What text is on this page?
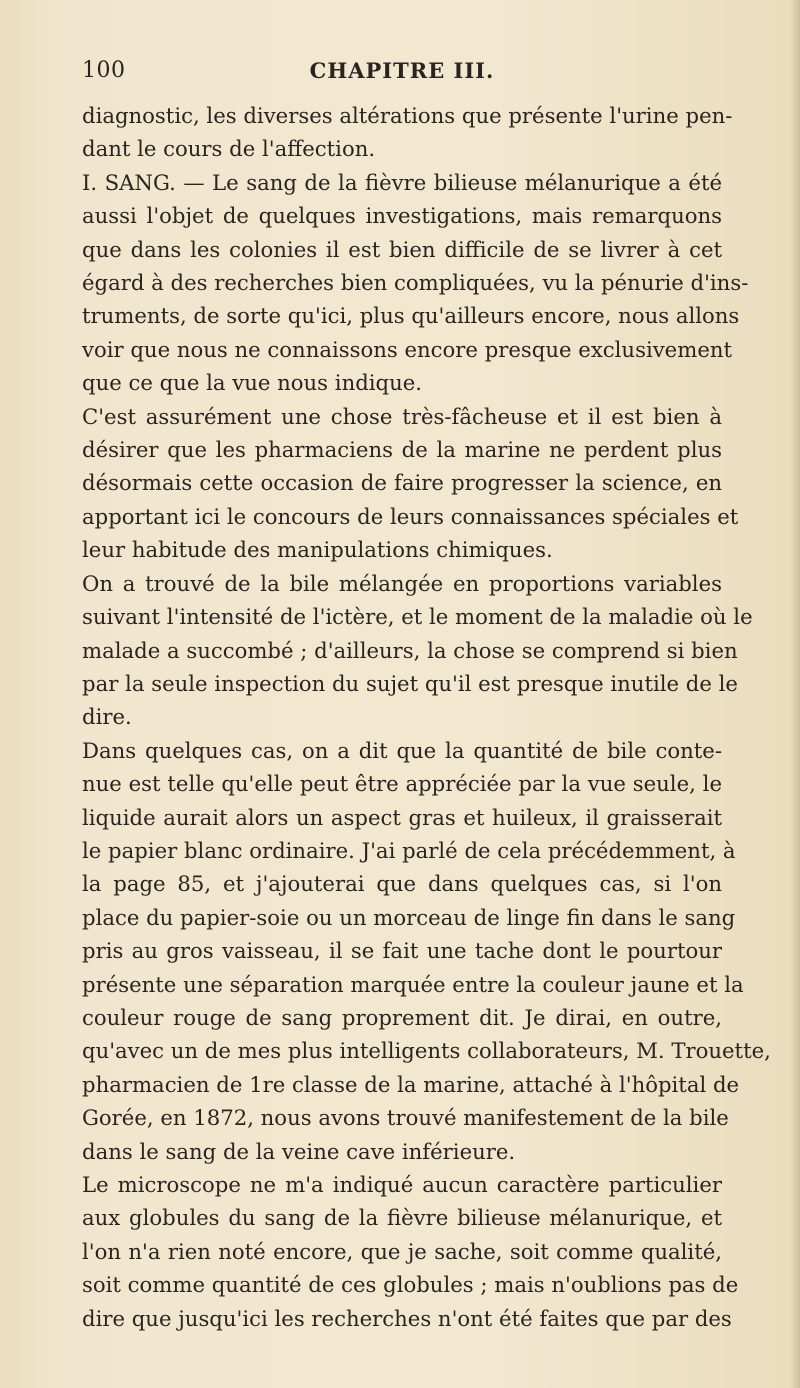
100	CHAPITRE III.
diagnostic, les diverses altérations que présente l'urine pen-
dant le cours de l'affection.
I. SANG. — Le sang de la fièvre bilieuse mélanurique a été
aussi l'objet de quelques investigations, mais remarquons
que dans les colonies il est bien difficile de se livrer à cet
égard à des recherches bien compliquées, vu la pénurie d'ins-
truments, de sorte qu'ici, plus qu'ailleurs encore, nous allons
voir que nous ne connaissons encore presque exclusivement
que ce que la vue nous indique.
C'est assurément une chose très-fâcheuse et il est bien à
désirer que les pharmaciens de la marine ne perdent plus
désormais cette occasion de faire progresser la science, en
apportant ici le concours de leurs connaissances spéciales et
leur habitude des manipulations chimiques.
On a trouvé de la bile mélangée en proportions variables
suivant l'intensité de l'ictère, et le moment de la maladie où le
malade a succombé ; d'ailleurs, la chose se comprend si bien
par la seule inspection du sujet qu'il est presque inutile de le
dire.
Dans quelques cas, on a dit que la quantité de bile conte-
nue est telle qu'elle peut être appréciée par la vue seule, le
liquide aurait alors un aspect gras et huileux, il graisserait
le papier blanc ordinaire. J'ai parlé de cela précédemment, à
la page 85, et j'ajouterai que dans quelques cas, si l'on
place du papier-soie ou un morceau de linge fin dans le sang
pris au gros vaisseau, il se fait une tache dont le pourtour
présente une séparation marquée entre la couleur jaune et la
couleur rouge de sang proprement dit. Je dirai, en outre,
qu'avec un de mes plus intelligents collaborateurs, M. Trouette,
pharmacien de 1re classe de la marine, attaché à l'hôpital de
Gorée, en 1872, nous avons trouvé manifestement de la bile
dans le sang de la veine cave inférieure.
Le microscope ne m'a indiqué aucun caractère particulier
aux globules du sang de la fièvre bilieuse mélanurique, et
l'on n'a rien noté encore, que je sache, soit comme qualité,
soit comme quantité de ces globules ; mais n'oublions pas de
dire que jusqu'ici les recherches n'ont été faites que par des
